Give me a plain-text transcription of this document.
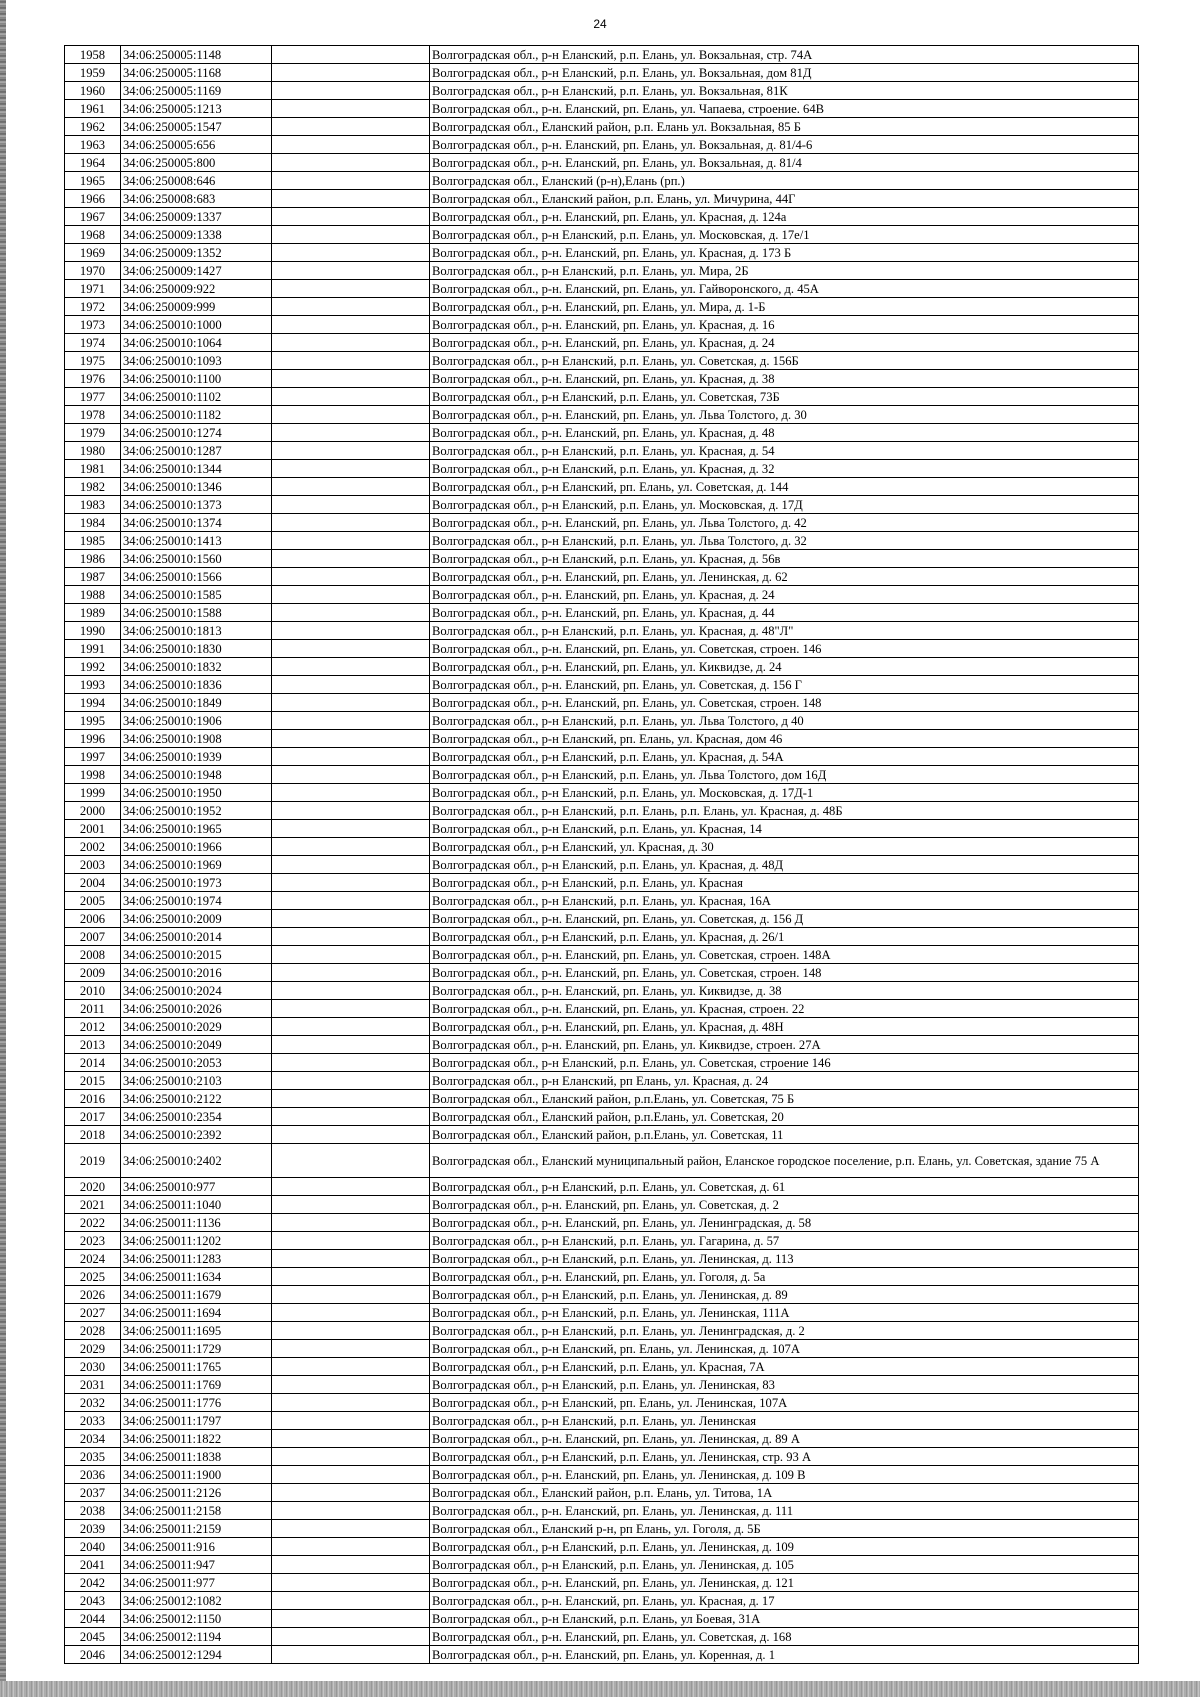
24
1958	34:06:250005:1148		Волгоградская обл., р-н Еланский, р.п. Елань, ул. Вокзальная, стр. 74А
1959	34:06:250005:1168		Волгоградская обл., р-н Еланский, р.п. Елань, ул. Вокзальная, дом 81Д
1960	34:06:250005:1169		Волгоградская обл., р-н Еланский, р.п. Елань, ул. Вокзальная, 81К
1961	34:06:250005:1213		Волгоградская обл., р-н. Еланский, рп. Елань, ул. Чапаева, строение. 64В
1962	34:06:250005:1547		Волгоградская обл., Еланский район, р.п. Елань ул. Вокзальная, 85 Б
1963	34:06:250005:656		Волгоградская обл., р-н. Еланский, рп. Елань, ул. Вокзальная, д. 81/4-6
1964	34:06:250005:800		Волгоградская обл., р-н. Еланский, рп. Елань, ул. Вокзальная, д. 81/4
1965	34:06:250008:646		Волгоградская обл., Еланский (р-н),Елань (рп.)
1966	34:06:250008:683		Волгоградская обл., Еланский район, р.п. Елань, ул. Мичурина, 44Г
1967	34:06:250009:1337		Волгоградская обл., р-н. Еланский, рп. Елань, ул. Красная, д. 124а
1968	34:06:250009:1338		Волгоградская обл., р-н Еланский, р.п. Елань, ул. Московская, д. 17е/1
1969	34:06:250009:1352		Волгоградская обл., р-н. Еланский, рп. Елань, ул. Красная, д. 173 Б
1970	34:06:250009:1427		Волгоградская обл., р-н Еланский, р.п. Елань, ул. Мира, 2Б
1971	34:06:250009:922		Волгоградская обл., р-н. Еланский, рп. Елань, ул. Гайворонского, д. 45А
1972	34:06:250009:999		Волгоградская обл., р-н. Еланский, рп. Елань, ул. Мира, д. 1-Б
1973	34:06:250010:1000		Волгоградская обл., р-н. Еланский, рп. Елань, ул. Красная, д. 16
1974	34:06:250010:1064		Волгоградская обл., р-н. Еланский, рп. Елань, ул. Красная, д. 24
1975	34:06:250010:1093		Волгоградская обл., р-н Еланский, р.п. Елань, ул. Советская, д. 156Б
1976	34:06:250010:1100		Волгоградская обл., р-н. Еланский, рп. Елань, ул. Красная, д. 38
1977	34:06:250010:1102		Волгоградская обл., р-н Еланский, р.п. Елань, ул. Советская, 73Б
1978	34:06:250010:1182		Волгоградская обл., р-н. Еланский, рп. Елань, ул. Льва Толстого, д. 30
1979	34:06:250010:1274		Волгоградская обл., р-н. Еланский, рп. Елань, ул. Красная, д. 48
1980	34:06:250010:1287		Волгоградская обл., р-н Еланский, р.п. Елань, ул. Красная, д. 54
1981	34:06:250010:1344		Волгоградская обл., р-н Еланский, р.п. Елань, ул. Красная, д. 32
1982	34:06:250010:1346		Волгоградская обл., р-н Еланский, рп. Елань, ул. Советская, д. 144
1983	34:06:250010:1373		Волгоградская обл., р-н Еланский, р.п. Елань, ул. Московская, д. 17Д
1984	34:06:250010:1374		Волгоградская обл., р-н. Еланский, рп. Елань, ул. Льва Толстого, д. 42
1985	34:06:250010:1413		Волгоградская обл., р-н Еланский, р.п. Елань, ул. Льва Толстого, д. 32
1986	34:06:250010:1560		Волгоградская обл., р-н Еланский, р.п. Елань, ул. Красная, д. 56в
1987	34:06:250010:1566		Волгоградская обл., р-н. Еланский, рп. Елань, ул. Ленинская, д. 62
1988	34:06:250010:1585		Волгоградская обл., р-н. Еланский, рп. Елань, ул. Красная, д. 24
1989	34:06:250010:1588		Волгоградская обл., р-н. Еланский, рп. Елань, ул. Красная, д. 44
1990	34:06:250010:1813		Волгоградская обл., р-н Еланский, р.п. Елань, ул. Красная, д. 48"Л"
1991	34:06:250010:1830		Волгоградская обл., р-н. Еланский, рп. Елань, ул. Советская, строен. 146
1992	34:06:250010:1832		Волгоградская обл., р-н. Еланский, рп. Елань, ул. Киквидзе, д. 24
1993	34:06:250010:1836		Волгоградская обл., р-н. Еланский, рп. Елань, ул. Советская, д. 156 Г
1994	34:06:250010:1849		Волгоградская обл., р-н. Еланский, рп. Елань, ул. Советская, строен. 148
1995	34:06:250010:1906		Волгоградская обл., р-н Еланский, р.п. Елань, ул. Льва Толстого, д 40
1996	34:06:250010:1908		Волгоградская обл., р-н Еланский, рп. Елань, ул. Красная, дом 46
1997	34:06:250010:1939		Волгоградская обл., р-н Еланский, р.п. Елань, ул. Красная, д. 54А
1998	34:06:250010:1948		Волгоградская обл., р-н Еланский, р.п. Елань, ул. Льва Толстого, дом 16Д
1999	34:06:250010:1950		Волгоградская обл., р-н Еланский, р.п. Елань, ул. Московская, д. 17Д-1
2000	34:06:250010:1952		Волгоградская обл., р-н Еланский, р.п. Елань, р.п. Елань, ул. Красная, д. 48Б
2001	34:06:250010:1965		Волгоградская обл., р-н Еланский, р.п. Елань, ул. Красная, 14
2002	34:06:250010:1966		Волгоградская обл., р-н Еланский, ул. Красная, д. 30
2003	34:06:250010:1969		Волгоградская обл., р-н Еланский, р.п. Елань, ул. Красная, д. 48Д
2004	34:06:250010:1973		Волгоградская обл., р-н Еланский, р.п. Елань, ул. Красная
2005	34:06:250010:1974		Волгоградская обл., р-н Еланский, р.п. Елань, ул. Красная, 16А
2006	34:06:250010:2009		Волгоградская обл., р-н. Еланский, рп. Елань, ул. Советская, д. 156 Д
2007	34:06:250010:2014		Волгоградская обл., р-н Еланский, р.п. Елань, ул. Красная, д. 26/1
2008	34:06:250010:2015		Волгоградская обл., р-н. Еланский, рп. Елань, ул. Советская, строен. 148А
2009	34:06:250010:2016		Волгоградская обл., р-н. Еланский, рп. Елань, ул. Советская, строен. 148
2010	34:06:250010:2024		Волгоградская обл., р-н. Еланский, рп. Елань, ул. Киквидзе, д. 38
2011	34:06:250010:2026		Волгоградская обл., р-н. Еланский, рп. Елань, ул. Красная, строен. 22
2012	34:06:250010:2029		Волгоградская обл., р-н. Еланский, рп. Елань, ул. Красная, д. 48Н
2013	34:06:250010:2049		Волгоградская обл., р-н. Еланский, рп. Елань, ул. Киквидзе, строен. 27А
2014	34:06:250010:2053		Волгоградская обл., р-н Еланский, р.п. Елань, ул. Советская, строение 146
2015	34:06:250010:2103		Волгоградская обл., р-н Еланский, рп Елань, ул. Красная, д. 24
2016	34:06:250010:2122		Волгоградская обл., Еланский район, р.п.Елань, ул. Советская, 75 Б
2017	34:06:250010:2354		Волгоградская обл., Еланский район, р.п.Елань, ул. Советская, 20
2018	34:06:250010:2392		Волгоградская обл., Еланский район, р.п.Елань, ул. Советская, 11
2019	34:06:250010:2402		Волгоградская обл., Еланский муниципальный район, Еланское городское поселение, р.п. Елань, ул. Советская, здание 75 А
2020	34:06:250010:977		Волгоградская обл., р-н Еланский, р.п. Елань, ул. Советская, д. 61
2021	34:06:250011:1040		Волгоградская обл., р-н. Еланский, рп. Елань, ул. Советская, д. 2
2022	34:06:250011:1136		Волгоградская обл., р-н. Еланский, рп. Елань, ул. Ленинградская, д. 58
2023	34:06:250011:1202		Волгоградская обл., р-н Еланский, р.п. Елань, ул. Гагарина, д. 57
2024	34:06:250011:1283		Волгоградская обл., р-н Еланский, р.п. Елань, ул. Ленинская, д. 113
2025	34:06:250011:1634		Волгоградская обл., р-н. Еланский, рп. Елань, ул. Гоголя, д. 5а
2026	34:06:250011:1679		Волгоградская обл., р-н Еланский, р.п. Елань, ул. Ленинская, д. 89
2027	34:06:250011:1694		Волгоградская обл., р-н Еланский, р.п. Елань, ул. Ленинская, 111А
2028	34:06:250011:1695		Волгоградская обл., р-н Еланский, р.п. Елань, ул. Ленинградская, д. 2
2029	34:06:250011:1729		Волгоградская обл., р-н Еланский, рп. Елань, ул. Ленинская, д. 107А
2030	34:06:250011:1765		Волгоградская обл., р-н Еланский, р.п. Елань, ул. Красная, 7А
2031	34:06:250011:1769		Волгоградская обл., р-н Еланский, р.п. Елань, ул. Ленинская, 83
2032	34:06:250011:1776		Волгоградская обл., р-н Еланский, рп. Елань, ул. Ленинская, 107А
2033	34:06:250011:1797		Волгоградская обл., р-н Еланский, р.п. Елань, ул. Ленинская
2034	34:06:250011:1822		Волгоградская обл., р-н. Еланский, рп. Елань, ул. Ленинская, д. 89 А
2035	34:06:250011:1838		Волгоградская обл., р-н Еланский, р.п. Елань, ул. Ленинская, стр. 93 А
2036	34:06:250011:1900		Волгоградская обл., р-н. Еланский, рп. Елань, ул. Ленинская, д. 109 В
2037	34:06:250011:2126		Волгоградская обл., Еланский район, р.п. Елань, ул. Титова, 1А
2038	34:06:250011:2158		Волгоградская обл., р-н. Еланский, рп. Елань, ул. Ленинская, д. 111
2039	34:06:250011:2159		Волгоградская обл., Еланский р-н, рп Елань, ул. Гоголя, д. 5Б
2040	34:06:250011:916		Волгоградская обл., р-н Еланский, р.п. Елань, ул. Ленинская, д. 109
2041	34:06:250011:947		Волгоградская обл., р-н Еланский, р.п. Елань, ул. Ленинская, д. 105
2042	34:06:250011:977		Волгоградская обл., р-н. Еланский, рп. Елань, ул. Ленинская, д. 121
2043	34:06:250012:1082		Волгоградская обл., р-н. Еланский, рп. Елань, ул. Красная, д. 17
2044	34:06:250012:1150		Волгоградская обл., р-н Еланский, р.п. Елань, ул Боевая, 31А
2045	34:06:250012:1194		Волгоградская обл., р-н. Еланский, рп. Елань, ул. Советская, д. 168
2046	34:06:250012:1294		Волгоградская обл., р-н. Еланский, рп. Елань, ул. Коренная, д. 1
